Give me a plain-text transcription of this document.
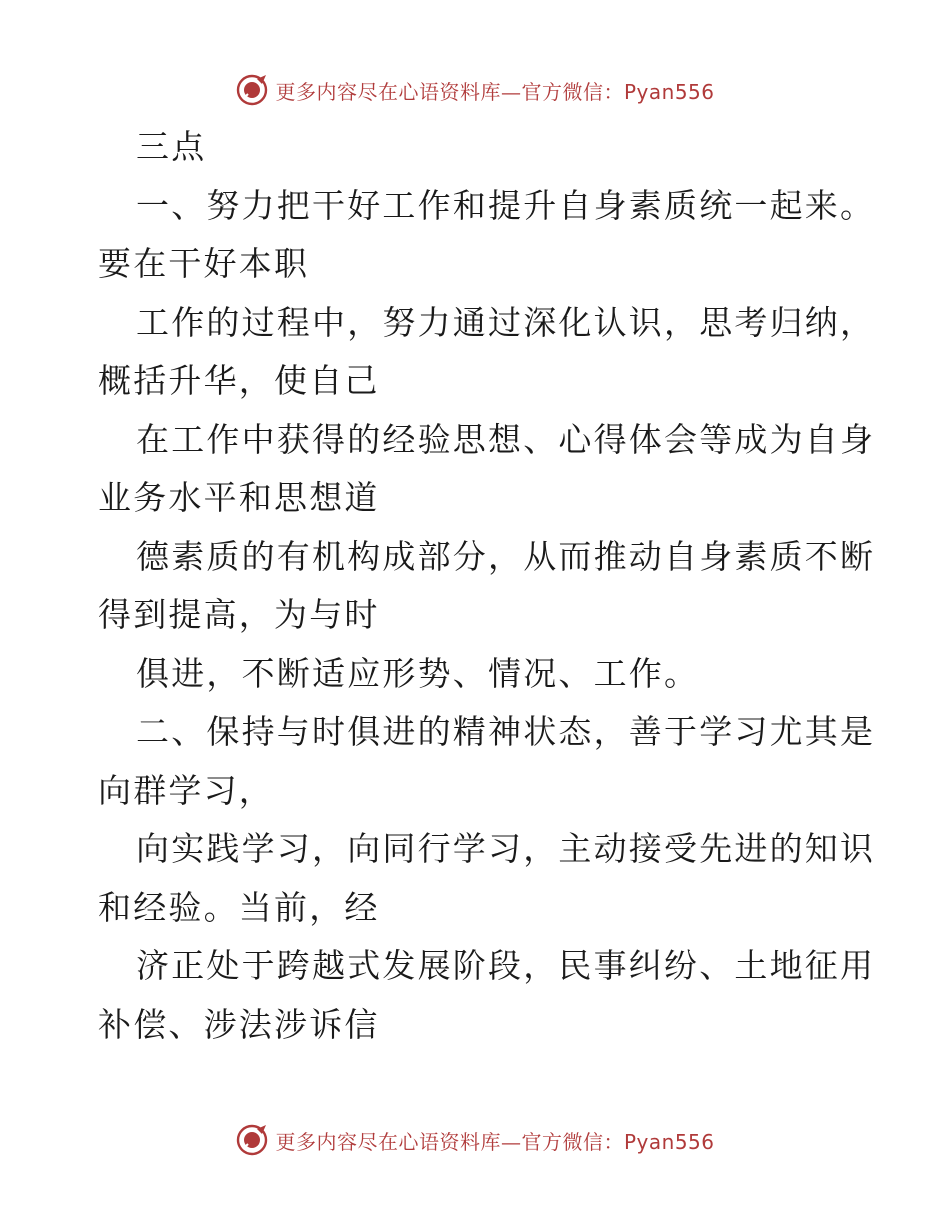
更多内容尽在心语资料库—官方微信：Pyan556
三点
一、努力把干好工作和提升自身素质统一起来。
要在干好本职
工作的过程中，努力通过深化认识，思考归纳，
概括升华，使自己
在工作中获得的经验思想、心得体会等成为自身
业务水平和思想道
德素质的有机构成部分，从而推动自身素质不断
得到提高，为与时
俱进，不断适应形势、情况、工作。
二、保持与时俱进的精神状态，善于学习尤其是
向群学习，
向实践学习，向同行学习，主动接受先进的知识
和经验。当前，经
济正处于跨越式发展阶段，民事纠纷、土地征用
补偿、涉法涉诉信
更多内容尽在心语资料库—官方微信：Pyan556
